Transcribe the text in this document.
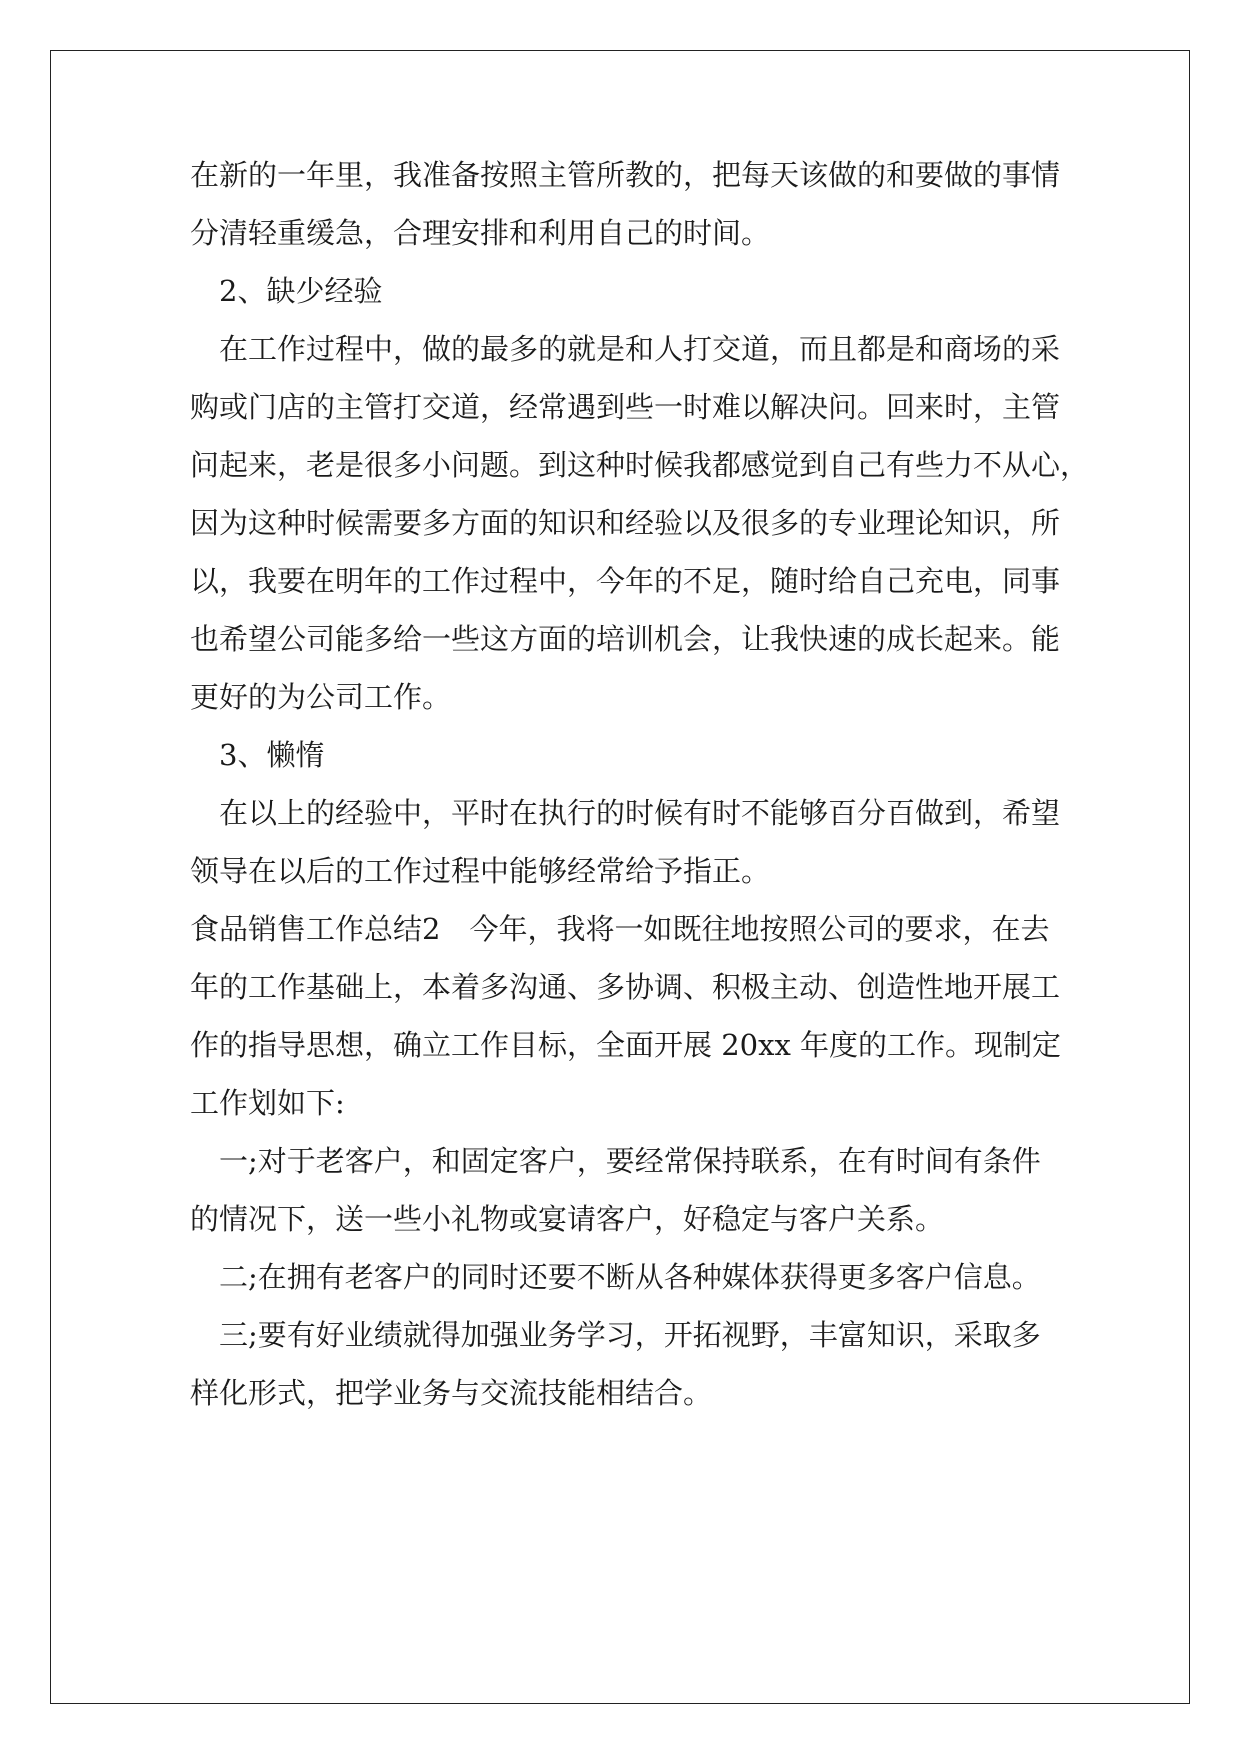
在新的一年里，我准备按照主管所教的，把每天该做的和要做的事情
分清轻重缓急，合理安排和利用自己的时间。
　2、缺少经验
　在工作过程中，做的最多的就是和人打交道，而且都是和商场的采
购或门店的主管打交道，经常遇到些一时难以解决问。回来时，主管
问起来，老是很多小问题。到这种时候我都感觉到自己有些力不从心，
因为这种时候需要多方面的知识和经验以及很多的专业理论知识，所
以，我要在明年的工作过程中，今年的不足，随时给自己充电，同事
也希望公司能多给一些这方面的培训机会，让我快速的成长起来。能
更好的为公司工作。
　3、懒惰
　在以上的经验中，平时在执行的时候有时不能够百分百做到，希望
领导在以后的工作过程中能够经常给予指正。
食品销售工作总结2　今年，我将一如既往地按照公司的要求，在去
年的工作基础上，本着多沟通、多协调、积极主动、创造性地开展工
作的指导思想，确立工作目标，全面开展 20xx 年度的工作。现制定
工作划如下:
　一;对于老客户，和固定客户，要经常保持联系，在有时间有条件
的情况下，送一些小礼物或宴请客户，好稳定与客户关系。
　二;在拥有老客户的同时还要不断从各种媒体获得更多客户信息。
　三;要有好业绩就得加强业务学习，开拓视野，丰富知识，采取多
样化形式，把学业务与交流技能相结合。
